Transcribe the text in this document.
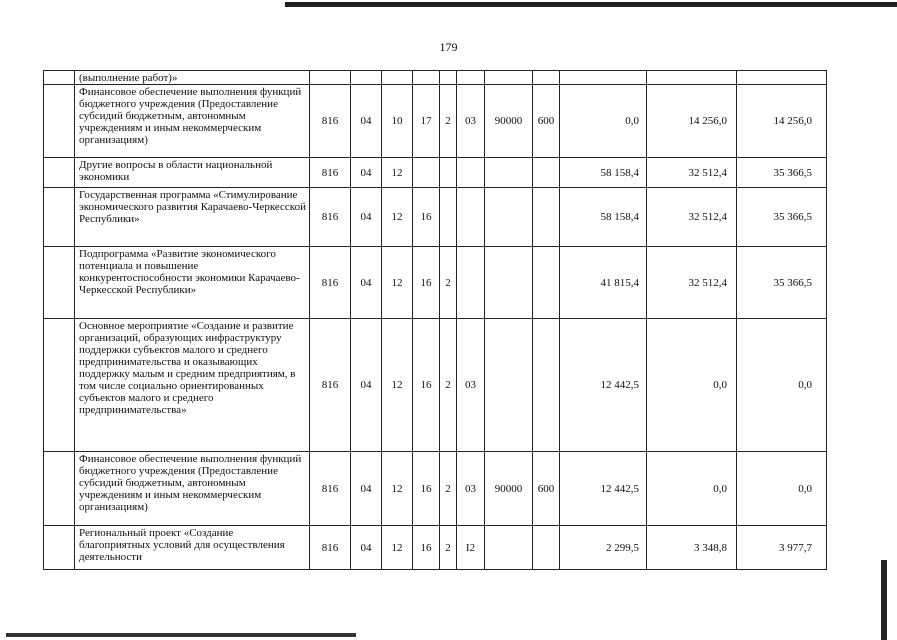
179
	(выполнение работ)»											
	Финансовое обеспечение выполнения функций бюджетного учреждения (Предоставление субсидий бюджетным, автономным учреждениям и иным некоммерческим организациям)	816	04	10	17	2	03	90000	600	0,0	14 256,0	14 256,0
	Другие вопросы в области национальной экономики	816	04	12						58 158,4	32 512,4	35 366,5
	Государственная программа «Стимулирование экономического развития Карачаево-Черкесской Республики»	816	04	12	16					58 158,4	32 512,4	35 366,5
	Подпрограмма «Развитие экономического потенциала и повышение конкурентоспособности экономики Карачаево-Черкесской Республики»	816	04	12	16	2				41 815,4	32 512,4	35 366,5
	Основное мероприятие «Создание и развитие организаций, образующих инфраструктуру поддержки субъектов малого и среднего предпринимательства и оказывающих поддержку малым и средним предприятиям, в том числе социально ориентированных субъектов малого и среднего предпринимательства»	816	04	12	16	2	03			12 442,5	0,0	0,0
	Финансовое обеспечение выполнения функций бюджетного учреждения (Предоставление субсидий бюджетным, автономным учреждениям и иным некоммерческим организациям)	816	04	12	16	2	03	90000	600	12 442,5	0,0	0,0
	Региональный проект «Создание благоприятных условий для осуществления деятельности	816	04	12	16	2	I2			2 299,5	3 348,8	3 977,7
